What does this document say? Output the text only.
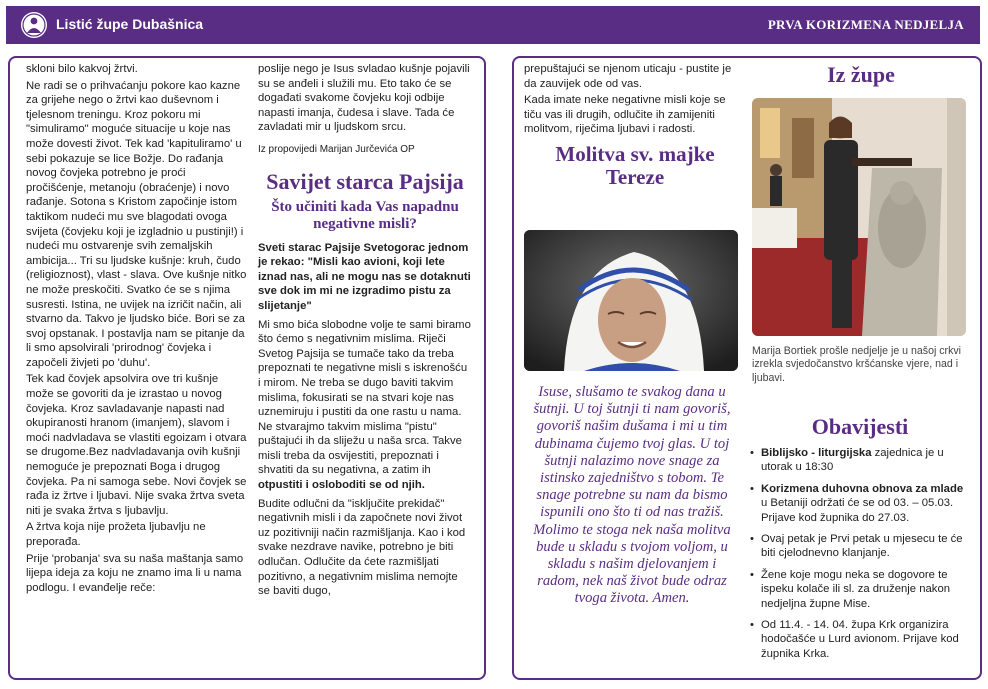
Listić župe Dubašnica	PRVA KORIZMENA NEDJELJA

skloni bilo kakvoj žrtvi.

Ne radi se o prihvaćanju pokore kao kazne za grijehe nego o žrtvi kao duševnom i tjelesnom treningu. Kroz pokoru mi "simuliramo" moguće situacije u koje nas može dovesti život. Tek kad 'kapituliramo' u sebi pokazuje se lice Božje. Do rađanja novog čovjeka potrebno je proći pročišćenje, metanoju (obraćenje) i novo rađanje. Sotona s Kristom započinje istom taktikom nudeći mu sve blagodati ovoga svijeta (čovjeku koji je izgladnio u pustinji!) i nudeći mu ostvarenje svih zemaljskih ambicija... Tri su ljudske kušnje: kruh, čudo (religioznost), vlast - slava. Ove kušnje nitko ne može preskočiti. Svatko će se s njima susresti. Istina, ne uvijek na izričit način, ali stvarno da. Takvo je ljudsko biće. Bori se za svoj opstanak. I postavlja nam se pitanje da li smo apsolvirali 'prirodnog' čovjeka i započeli živjeti po 'duhu'.

Tek kad čovjek apsolvira ove tri kušnje može se govoriti da je izrastao u novog čovjeka. Kroz savladavanje napasti nad okupiranosti hranom (imanjem), slavom i moći nadvladava se vlastiti egoizam i otvara se drugome.Bez nadvladavanja ovih kušnji nemoguće je prepoznati Boga i drugog čovjeka. Pa ni samoga sebe. Novi čovjek se rađa iz žrtve i ljubavi. Nije svaka žrtva sveta niti je svaka žrtva s ljubavlju.

A žrtva koja nije prožeta ljubavlju ne preporađa.

Prije 'probanja' sva su naša maštanja samo lijepa ideja za koju ne znamo ima li u nama podlogu. I evanđelje reče:

poslije nego je Isus svladao kušnje pojavili su se anđeli i služili mu. Eto tako će se događati svakome čovjeku koji odbije napasti imanja, čudesa i slave. Tada će zavladati mir u ljudskom srcu.

Iz propovijedi Marijan Jurčevića OP

Savijet starca Pajsija
Što učiniti kada Vas napadnu negativne misli?

Sveti starac Pajsije Svetogorac jednom je rekao: "Misli kao avioni, koji lete iznad nas, ali ne mogu nas se dotaknuti sve dok im mi ne izgradimo pistu za slijetanje"

Mi smo bića slobodne volje te sami biramo što ćemo s negativnim mislima. Riječi Svetog Pajsija se tumače tako da treba prepoznati te negativne misli s iskrenošću i mirom. Ne treba se dugo baviti takvim mislima, fokusirati se na stvari koje nas uznemiruju i pustiti da one rastu u nama. Ne stvarajmo takvim mislima "pistu" puštajući ih da sliježu u naša srca. Takve misli treba da osvijestiti, prepoznati i shvatiti da su negativna, a zatim ih otpustiti i osloboditi se od njih.

Budite odlučni da "isključite prekidač" negativnih misli i da započnete novi život uz pozitivniji način razmišljanja. Kao i kod svake nezdrave navike, potrebno je biti odlučan. Odlučite da ćete razmišljati pozitivno, a negativnim mislima nemojte se baviti dugo,

prepuštajući se njenom uticaju - pustite je da zauvijek ode od vas.

Kada imate neke negativne misli koje se tiču vas ili drugih, odlučite ih zamijeniti molitvom, riječima ljubavi i radosti.

Molitva sv. majke Tereze
Isuse, slušamo te svakog dana u šutnji. U toj šutnji ti nam govoriš, govoriš našim dušama i mi u tim dubinama čujemo tvoj glas. U toj šutnji nalazimo nove snage za istinsko zajedništvo s tobom. Te snage potrebne su nam da bismo ispunili ono što ti od nas tražiš. Molimo te stoga nek naša molitva bude u skladu s tvojom voljom, u skladu s našim djelovanjem i radom, nek naš život bude odraz tvoga života. Amen.
Iz župe
Marija Bortiek prošle nedjelje je u našoj crkvi izrekla svjedočanstvo kršćanske vjere, nad i ljubavi.
Obavijesti
• Biblijsko - liturgijska zajednica je u utorak u 18:30
• Korizmena duhovna obnova za mlade u Betaniji održati će se od 03. – 05.03. Prijave kod župnika do 27.03.
• Ovaj petak je Prvi petak u mjesecu te će biti cjelodnevno klanjanje.
• Žene koje mogu neka se dogovore te ispeku kolače ili sl. za druženje nakon nedjeljna župne Mise.
• Od 11.4. - 14. 04. župa Krk organizira hodočašće u Lurd avionom. Prijave kod župnika Krka.
